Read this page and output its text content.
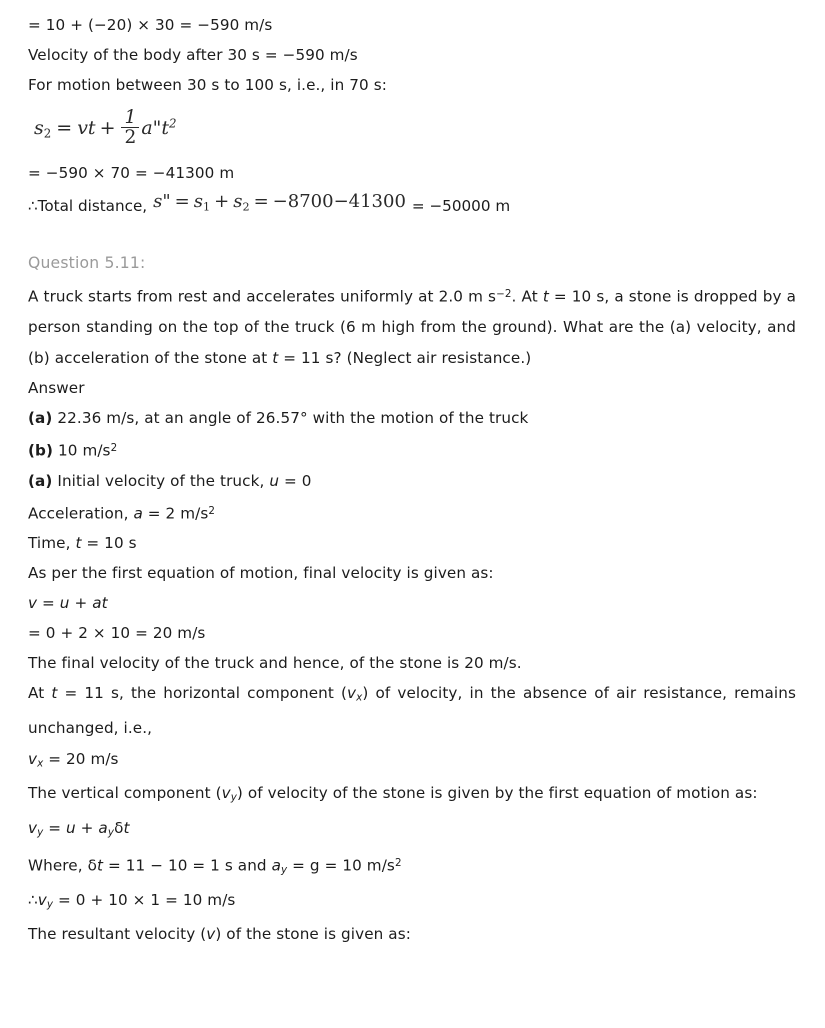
= 10 + (−20) × 30 = −590 m/s
Velocity of the body after 30 s = −590 m/s
For motion between 30 s to 100 s, i.e., in 70 s:
s2 = vt + $\frac{1}{2}$ $a"t^2$
= −590 × 70 = −41300 m
∴Total distance, s" = s1 + s2 = −8700−41300 = −50000 m
Question 5.11:
A truck starts from rest and accelerates uniformly at 2.0 m $s^{-2}$. At t = 10 s, a stone is dropped by a person standing on the top of the truck (6 m high from the ground). What are the (a) velocity, and (b) acceleration of the stone at t = 11 s? (Neglect air resistance.)
Answer
(a) 22.36 m/s, at an angle of 26.57° with the motion of the truck
(b) 10 $m/s^2$
(a) Initial velocity of the truck, u = 0
Acceleration, a = 2 $m/s^2$
Time, t = 10 s
As per the first equation of motion, final velocity is given as:
v = u + at
= 0 + 2 × 10 = 20 m/s
The final velocity of the truck and hence, of the stone is 20 m/s.
At t = 11 s, the horizontal component $(v_x)$ of velocity, in the absence of air resistance, remains unchanged, i.e.,
$v_x = 20$ m/s
The vertical component $(v_y)$ of velocity of the stone is given by the first equation of motion as:
$v_y = u + a_y\delta t$
Where, δt = 11 − 10 = 1 s and $a_y = g = 10$ $m/s^2$
$\therefore v_y = 0 + 10 \times 1 = 10$ m/s
The resultant velocity (v) of the stone is given as:
